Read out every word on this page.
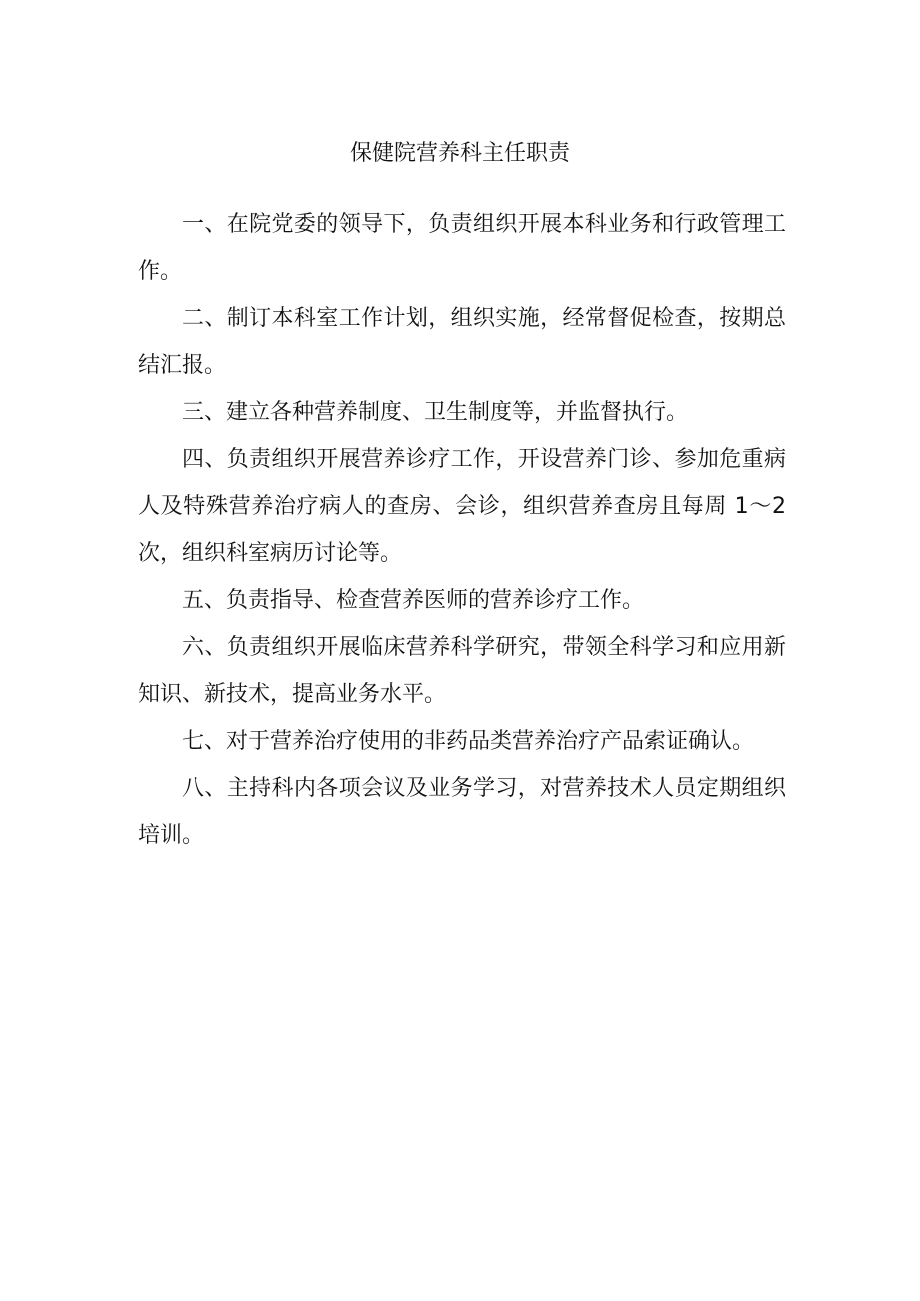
保健院营养科主任职责

一、在院党委的领导下，负责组织开展本科业务和行政管理工作。

二、制订本科室工作计划，组织实施，经常督促检查，按期总结汇报。

三、建立各种营养制度、卫生制度等，并监督执行。

四、负责组织开展营养诊疗工作，开设营养门诊、参加危重病人及特殊营养治疗病人的查房、会诊，组织营养查房且每周 1～2 次，组织科室病历讨论等。

五、负责指导、检查营养医师的营养诊疗工作。

六、负责组织开展临床营养科学研究，带领全科学习和应用新知识、新技术，提高业务水平。

七、对于营养治疗使用的非药品类营养治疗产品索证确认。

八、主持科内各项会议及业务学习，对营养技术人员定期组织培训。
